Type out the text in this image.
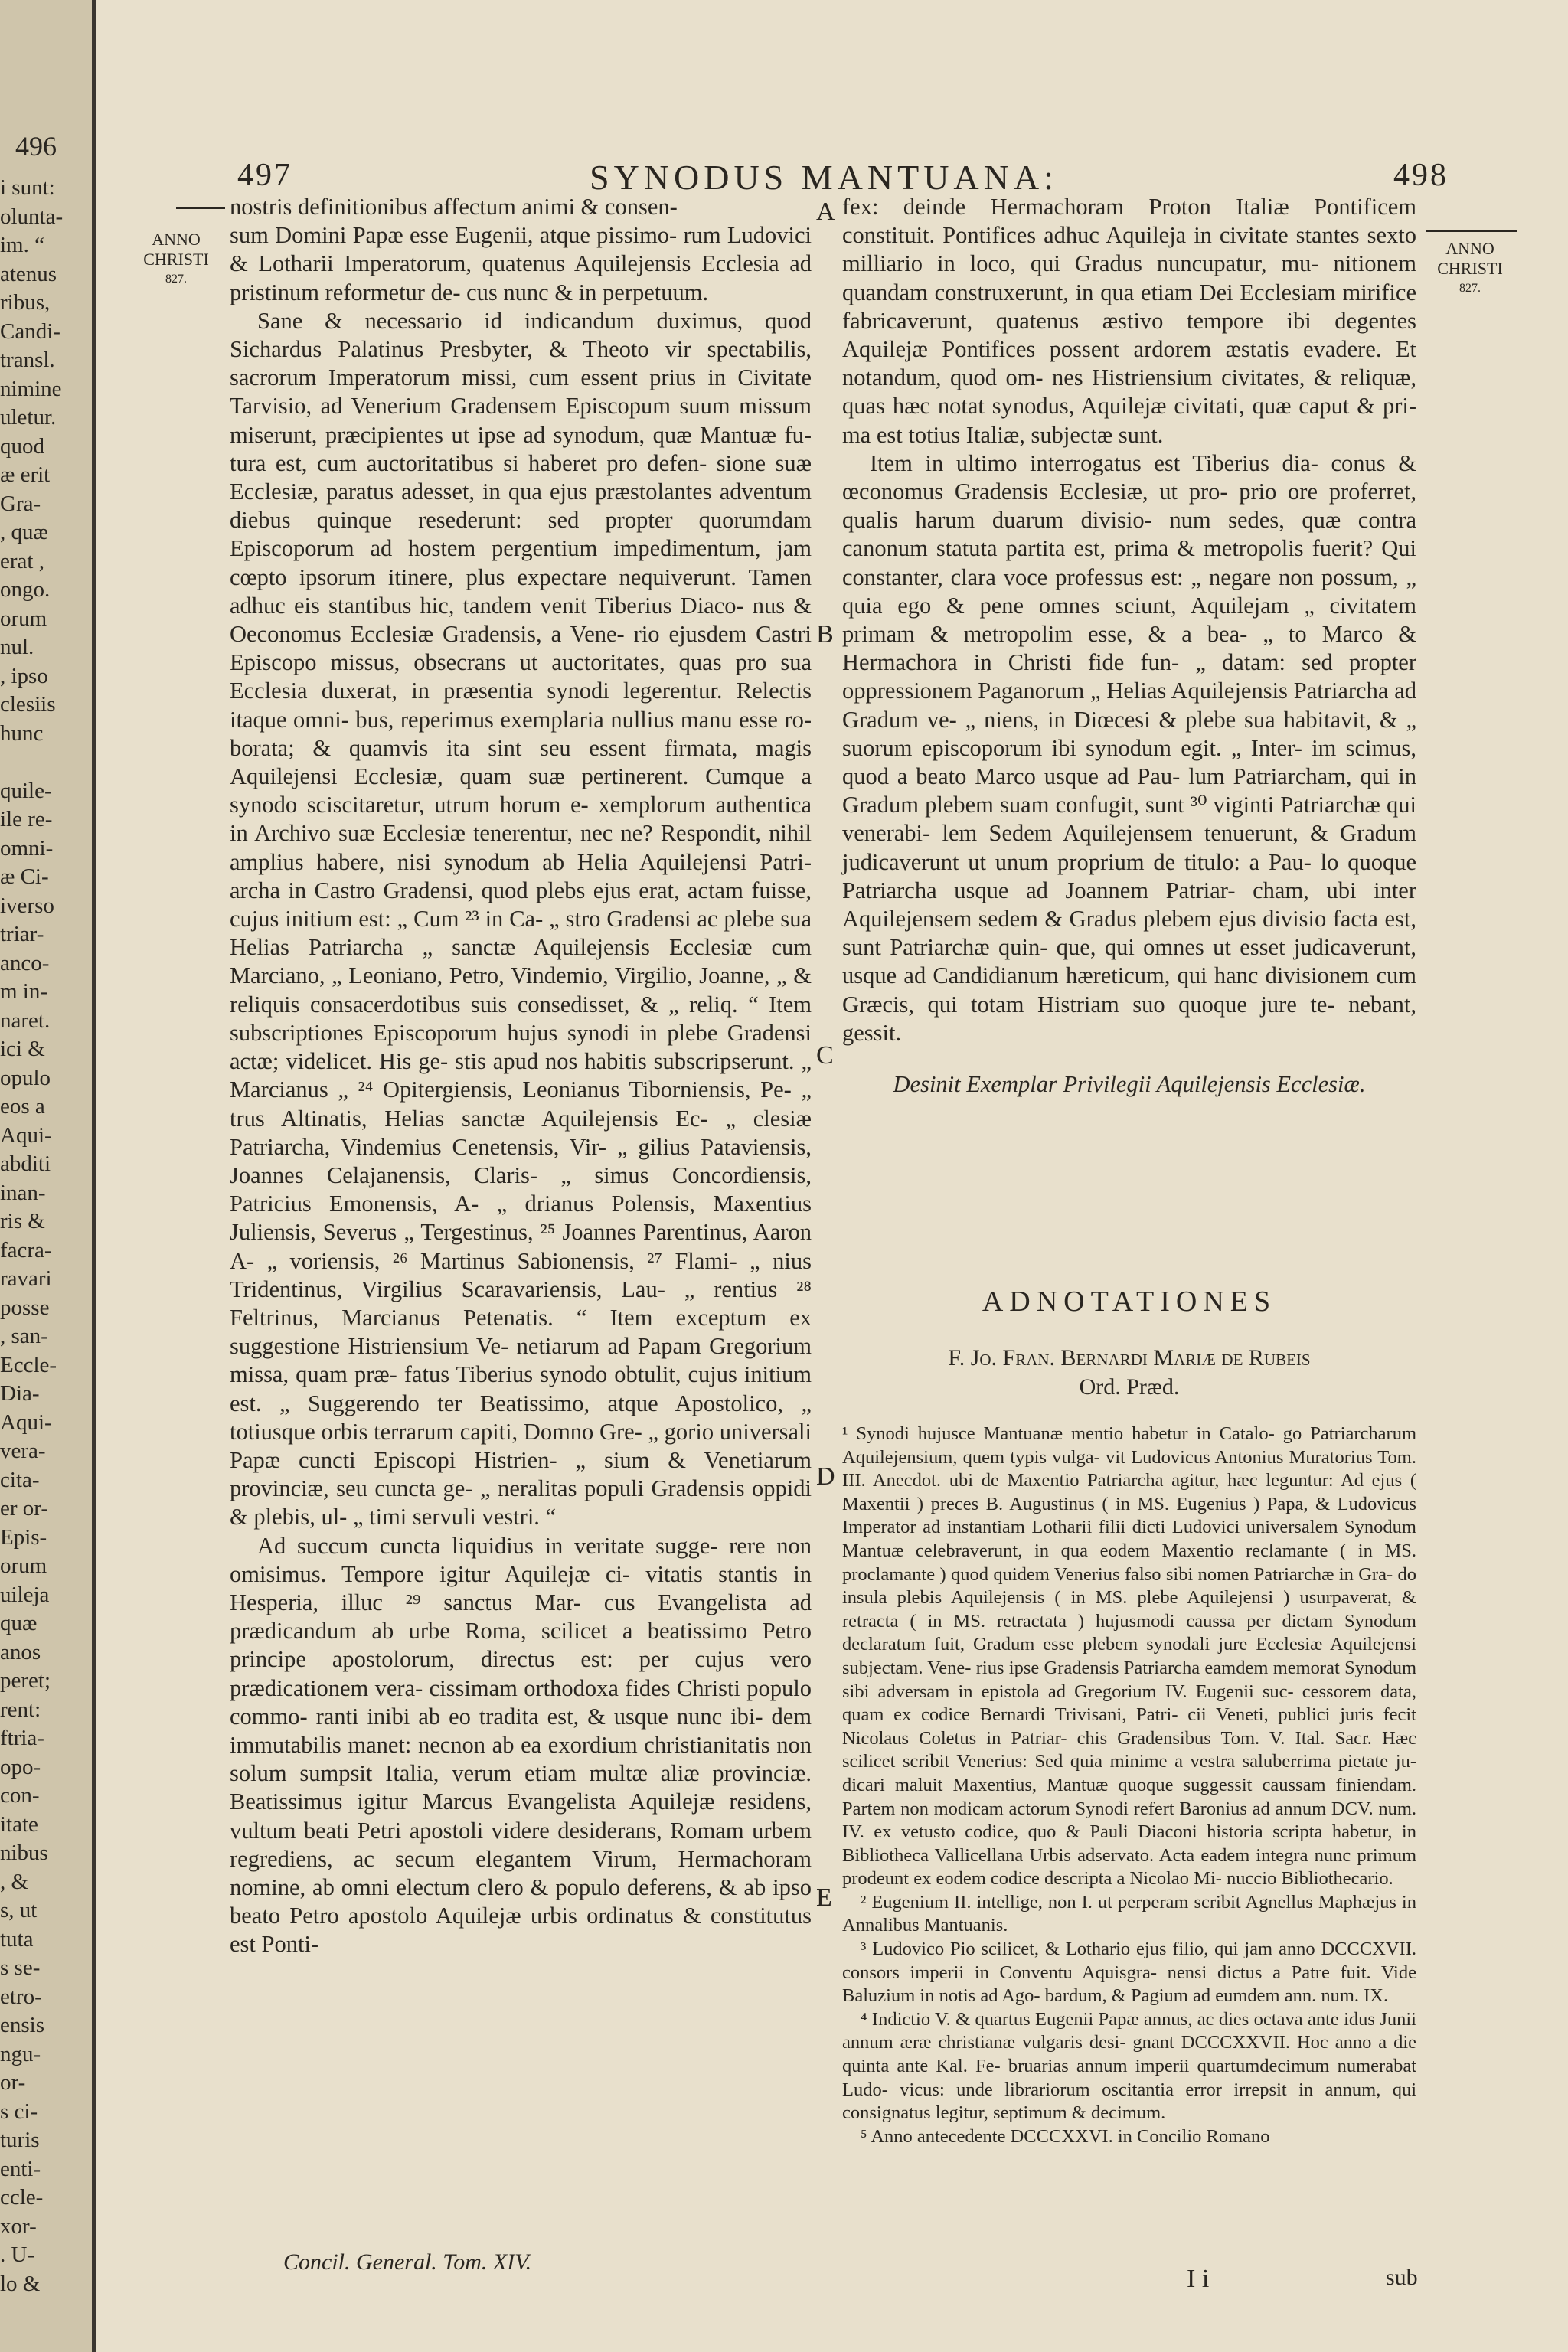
496
i sunt:
olunta-
im. “
atenus
ribus,
Candi-
transl.
nimine
uletur.
quod
æ erit
Gra-
, quæ
erat ,
ongo.
orum
nul.
, ipso
clesiis
hunc
quile-
ile re-
omni-
æ Ci-
iverso
triar-
anco-
m in-
naret.
ici &
opulo
eos a
Aqui-
abditi
inan-
ris &
facra-
ravari
posse
, san-
Eccle-
Dia-
Aqui-
vera-
cita-
er or-
Epis-
orum
uileja
quæ
anos
peret;
rent:
ftria-
opo-
con-
itate
nibus
, &
s, ut
tuta
s se-
etro-
ensis
ngu-
or-
s ci-
turis
enti-
ccle-
xor-
. U-
lo &
497	SYNODUS MANTUANA:	498
ANNO
CHRISTI
827.
ANNO
CHRISTI
827.
A
B
C
D
E

nostris definitionibus affectum animi & consen-

sum Domini Papæ esse Eugenii, atque pissimo- rum Ludovici & Lotharii Imperatorum, quatenus Aquilejensis Ecclesia ad pristinum reformetur de- cus nunc & in perpetuum.

Sane & necessario id indicandum duximus, quod Sichardus Palatinus Presbyter, & Theoto vir spectabilis, sacrorum Imperatorum missi, cum essent prius in Civitate Tarvisio, ad Venerium Gradensem Episcopum suum missum miserunt, præcipientes ut ipse ad synodum, quæ Mantuæ fu- tura est, cum auctoritatibus si haberet pro defen- sione suæ Ecclesiæ, paratus adesset, in qua ejus præstolantes adventum diebus quinque resederunt: sed propter quorumdam Episcoporum ad hostem pergentium impedimentum, jam cœpto ipsorum itinere, plus expectare nequiverunt. Tamen adhuc eis stantibus hic, tandem venit Tiberius Diaco- nus & Oeconomus Ecclesiæ Gradensis, a Vene- rio ejusdem Castri Episcopo missus, obsecrans ut auctoritates, quas pro sua Ecclesia duxerat, in præsentia synodi legerentur. Relectis itaque omni- bus, reperimus exemplaria nullius manu esse ro- borata; & quamvis ita sint seu essent firmata, magis Aquilejensi Ecclesiæ, quam suæ pertinerent. Cumque a synodo sciscitaretur, utrum horum e- xemplorum authentica in Archivo suæ Ecclesiæ tenerentur, nec ne? Respondit, nihil amplius habere, nisi synodum ab Helia Aquilejensi Patri- archa in Castro Gradensi, quod plebs ejus erat, actam fuisse, cujus initium est: „ Cum ²³ in Ca- „ stro Gradensi ac plebe sua Helias Patriarcha „ sanctæ Aquilejensis Ecclesiæ cum Marciano, „ Leoniano, Petro, Vindemio, Virgilio, Joanne, „ & reliquis consacerdotibus suis consedisset, & „ reliq. “ Item subscriptiones Episcoporum hujus synodi in plebe Gradensi actæ; videlicet. His ge- stis apud nos habitis subscripserunt. „ Marcianus „ ²⁴ Opitergiensis, Leonianus Tiborniensis, Pe- „ trus Altinatis, Helias sanctæ Aquilejensis Ec- „ clesiæ Patriarcha, Vindemius Cenetensis, Vir- „ gilius Pataviensis, Joannes Celajanensis, Claris- „ simus Concordiensis, Patricius Emonensis, A- „ drianus Polensis, Maxentius Juliensis, Severus „ Tergestinus, ²⁵ Joannes Parentinus, Aaron A- „ voriensis, ²⁶ Martinus Sabionensis, ²⁷ Flami- „ nius Tridentinus, Virgilius Scaravariensis, Lau- „ rentius ²⁸ Feltrinus, Marcianus Petenatis. “ Item exceptum ex suggestione Histriensium Ve- netiarum ad Papam Gregorium missa, quam præ- fatus Tiberius synodo obtulit, cujus initium est. „ Suggerendo ter Beatissimo, atque Apostolico, „ totiusque orbis terrarum capiti, Domno Gre- „ gorio universali Papæ cuncti Episcopi Histrien- „ sium & Venetiarum provinciæ, seu cuncta ge- „ neralitas populi Gradensis oppidi & plebis, ul- „ timi servuli vestri. “

Ad succum cuncta liquidius in veritate sugge- rere non omisimus. Tempore igitur Aquilejæ ci- vitatis stantis in Hesperia, illuc ²⁹ sanctus Mar- cus Evangelista ad prædicandum ab urbe Roma, scilicet a beatissimo Petro principe apostolorum, directus est: per cujus vero prædicationem vera- cissimam orthodoxa fides Christi populo commo- ranti inibi ab eo tradita est, & usque nunc ibi- dem immutabilis manet: necnon ab ea exordium christianitatis non solum sumpsit Italia, verum etiam multæ aliæ provinciæ. Beatissimus igitur Marcus Evangelista Aquilejæ residens, vultum beati Petri apostoli videre desiderans, Romam urbem regrediens, ac secum elegantem Virum, Hermachoram nomine, ab omni electum clero & populo deferens, & ab ipso beato Petro apostolo Aquilejæ urbis ordinatus & constitutus est Ponti-

fex: deinde Hermachoram Proton Italiæ Pontificem constituit. Pontifices adhuc Aquileja in civitate stantes sexto milliario in loco, qui Gradus nuncupatur, mu- nitionem quandam construxerunt, in qua etiam Dei Ecclesiam mirifice fabricaverunt, quatenus æstivo tempore ibi degentes Aquilejæ Pontifices possent ardorem æstatis evadere. Et notandum, quod om- nes Histriensium civitates, & reliquæ, quas hæc notat synodus, Aquilejæ civitati, quæ caput & pri- ma est totius Italiæ, subjectæ sunt.

Item in ultimo interrogatus est Tiberius dia- conus & œconomus Gradensis Ecclesiæ, ut pro- prio ore proferret, qualis harum duarum divisio- num sedes, quæ contra canonum statuta partita est, prima & metropolis fuerit? Qui constanter, clara voce professus est: „ negare non possum, „ quia ego & pene omnes sciunt, Aquilejam „ civitatem primam & metropolim esse, & a bea- „ to Marco & Hermachora in Christi fide fun- „ datam: sed propter oppressionem Paganorum „ Helias Aquilejensis Patriarcha ad Gradum ve- „ niens, in Diœcesi & plebe sua habitavit, & „ suorum episcoporum ibi synodum egit. „ Inter- im scimus, quod a beato Marco usque ad Pau- lum Patriarcham, qui in Gradum plebem suam confugit, sunt ³⁰ viginti Patriarchæ qui venerabi- lem Sedem Aquilejensem tenuerunt, & Gradum judicaverunt ut unum proprium de titulo: a Pau- lo quoque Patriarcha usque ad Joannem Patriar- cham, ubi inter Aquilejensem sedem & Gradus plebem ejus divisio facta est, sunt Patriarchæ quin- que, qui omnes ut esset judicaverunt, usque ad Candidianum hæreticum, qui hanc divisionem cum Græcis, qui totam Histriam suo quoque jure te- nebant, gessit.

Desinit Exemplar Privilegii Aquilejensis Ecclesiæ.

ADNOTATIONES
F. Jo. Fran. Bernardi Mariæ de Rubeis
Ord. Præd.

¹ Synodi hujusce Mantuanæ mentio habetur in Catalo- go Patriarcharum Aquilejensium, quem typis vulga- vit Ludovicus Antonius Muratorius Tom. III. Anecdot. ubi de Maxentio Patriarcha agitur, hæc leguntur: Ad ejus ( Maxentii ) preces B. Augustinus ( in MS. Eugenius ) Papa, & Ludovicus Imperator ad instantiam Lotharii filii dicti Ludovici universalem Synodum Mantuæ celebraverunt, in qua eodem Maxentio reclamante ( in MS. proclamante ) quod quidem Venerius falso sibi nomen Patriarchæ in Gra- do insula plebis Aquilejensis ( in MS. plebe Aquilejensi ) usurpaverat, & retracta ( in MS. retractata ) hujusmodi caussa per dictam Synodum declaratum fuit, Gradum esse plebem synodali jure Ecclesiæ Aquilejensi subjectam. Vene- rius ipse Gradensis Patriarcha eamdem memorat Synodum sibi adversam in epistola ad Gregorium IV. Eugenii suc- cessorem data, quam ex codice Bernardi Trivisani, Patri- cii Veneti, publici juris fecit Nicolaus Coletus in Patriar- chis Gradensibus Tom. V. Ital. Sacr. Hæc scilicet scribit Venerius: Sed quia minime a vestra saluberrima pietate ju- dicari maluit Maxentius, Mantuæ quoque suggessit caussam finiendam. Partem non modicam actorum Synodi refert Baronius ad annum DCV. num. IV. ex vetusto codice, quo & Pauli Diaconi historia scripta habetur, in Bibliotheca Vallicellana Urbis adservato. Acta eadem integra nunc primum prodeunt ex eodem codice descripta a Nicolao Mi- nuccio Bibliothecario.

² Eugenium II. intellige, non I. ut perperam scribit Agnellus Maphæjus in Annalibus Mantuanis.

³ Ludovico Pio scilicet, & Lothario ejus filio, qui jam anno DCCCXVII. consors imperii in Conventu Aquisgra- nensi dictus a Patre fuit. Vide Baluzium in notis ad Ago- bardum, & Pagium ad eumdem ann. num. IX.

⁴ Indictio V. & quartus Eugenii Papæ annus, ac dies octava ante idus Junii annum æræ christianæ vulgaris desi- gnant DCCCXXVII. Hoc anno a die quinta ante Kal. Fe- bruarias annum imperii quartumdecimum numerabat Ludo- vicus: unde librariorum oscitantia error irrepsit in annum, qui consignatus legitur, septimum & decimum.

⁵ Anno antecedente DCCCXXVI. in Concilio Romano

Concil. General. Tom. XIV.
I i	sub
